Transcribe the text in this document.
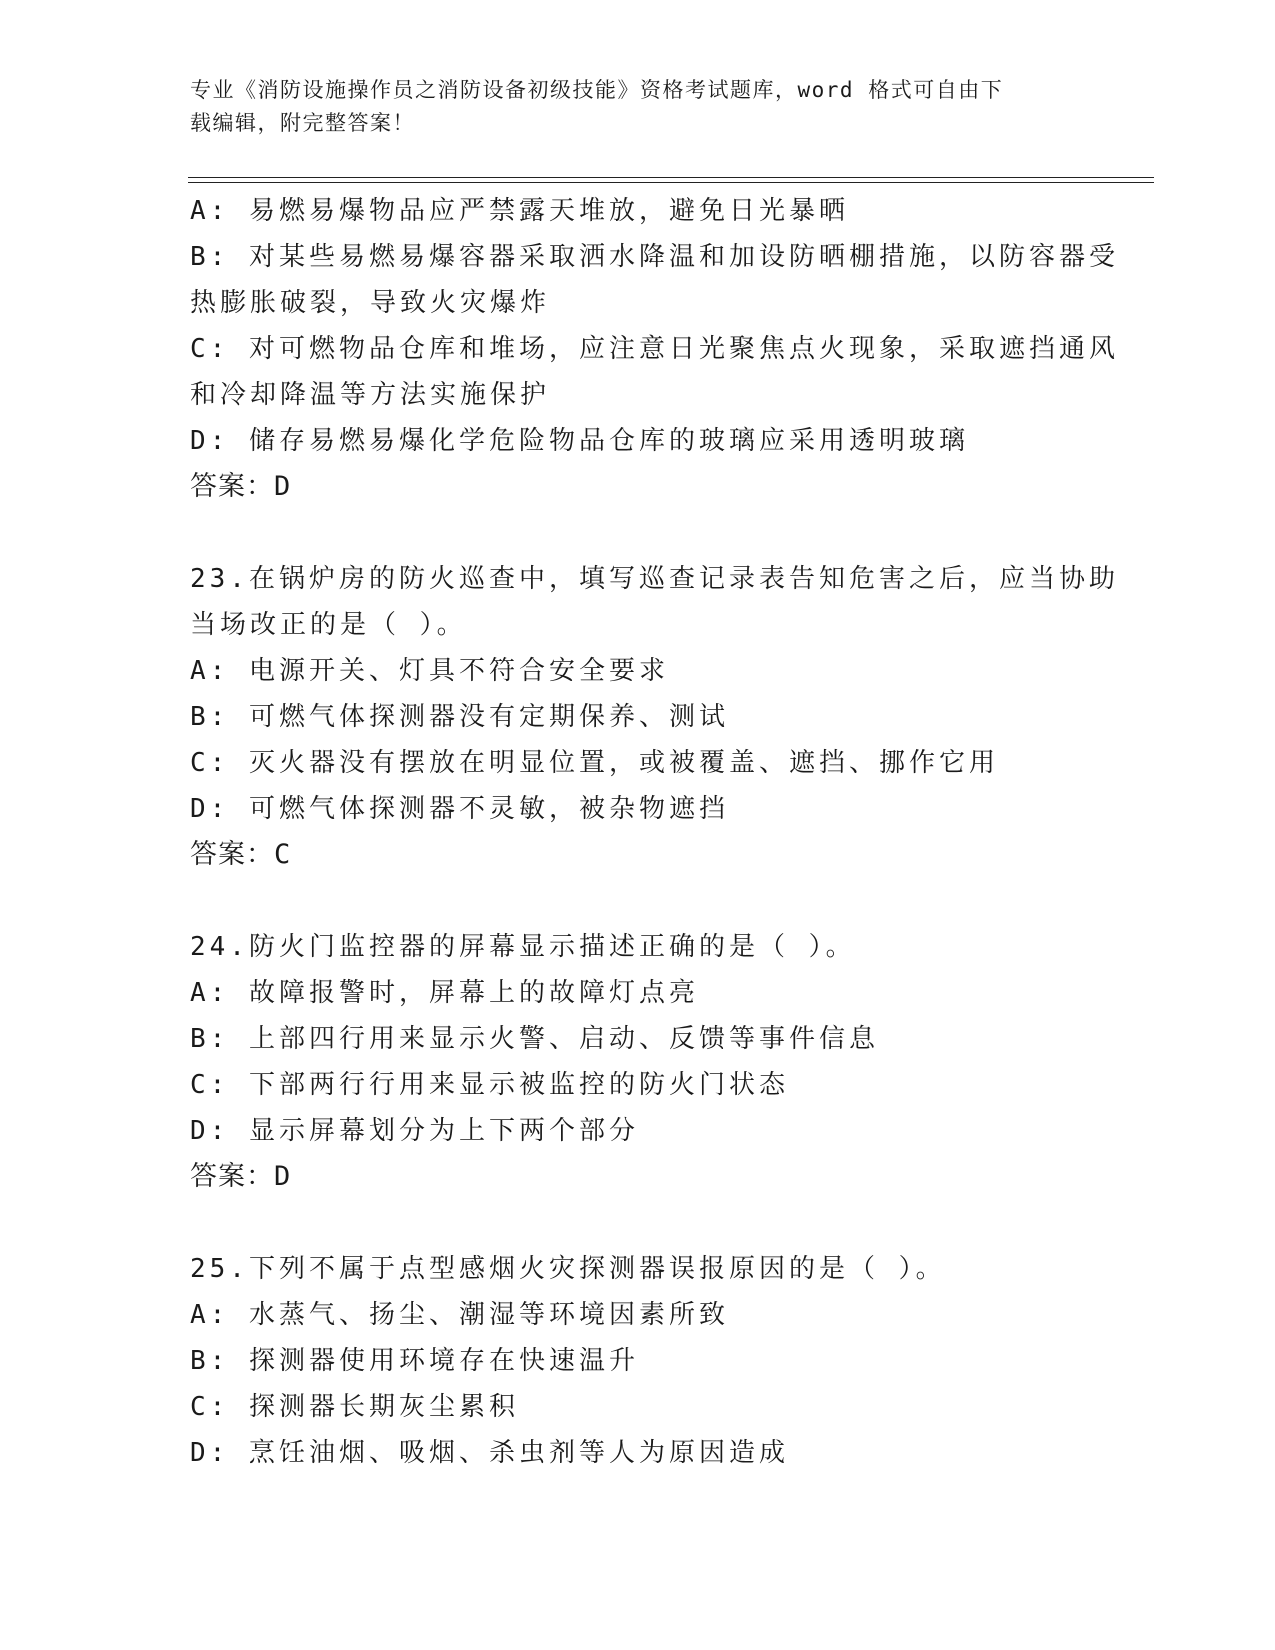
专业《消防设施操作员之消防设备初级技能》资格考试题库，word 格式可自由下
载编辑，附完整答案！
A: 易燃易爆物品应严禁露天堆放，避免日光暴晒
B: 对某些易燃易爆容器采取洒水降温和加设防晒棚措施，以防容器受
热膨胀破裂，导致火灾爆炸
C: 对可燃物品仓库和堆场，应注意日光聚焦点火现象，采取遮挡通风
和冷却降温等方法实施保护
D: 储存易燃易爆化学危险物品仓库的玻璃应采用透明玻璃
答案：D
23.在锅炉房的防火巡查中，填写巡查记录表告知危害之后，应当协助
当场改正的是（ ）。
A: 电源开关、灯具不符合安全要求
B: 可燃气体探测器没有定期保养、测试
C: 灭火器没有摆放在明显位置，或被覆盖、遮挡、挪作它用
D: 可燃气体探测器不灵敏，被杂物遮挡
答案：C
24.防火门监控器的屏幕显示描述正确的是（ ）。
A: 故障报警时，屏幕上的故障灯点亮
B: 上部四行用来显示火警、启动、反馈等事件信息
C: 下部两行行用来显示被监控的防火门状态
D: 显示屏幕划分为上下两个部分
答案：D
25.下列不属于点型感烟火灾探测器误报原因的是（ ）。
A: 水蒸气、扬尘、潮湿等环境因素所致
B: 探测器使用环境存在快速温升
C: 探测器长期灰尘累积
D: 烹饪油烟、吸烟、杀虫剂等人为原因造成
